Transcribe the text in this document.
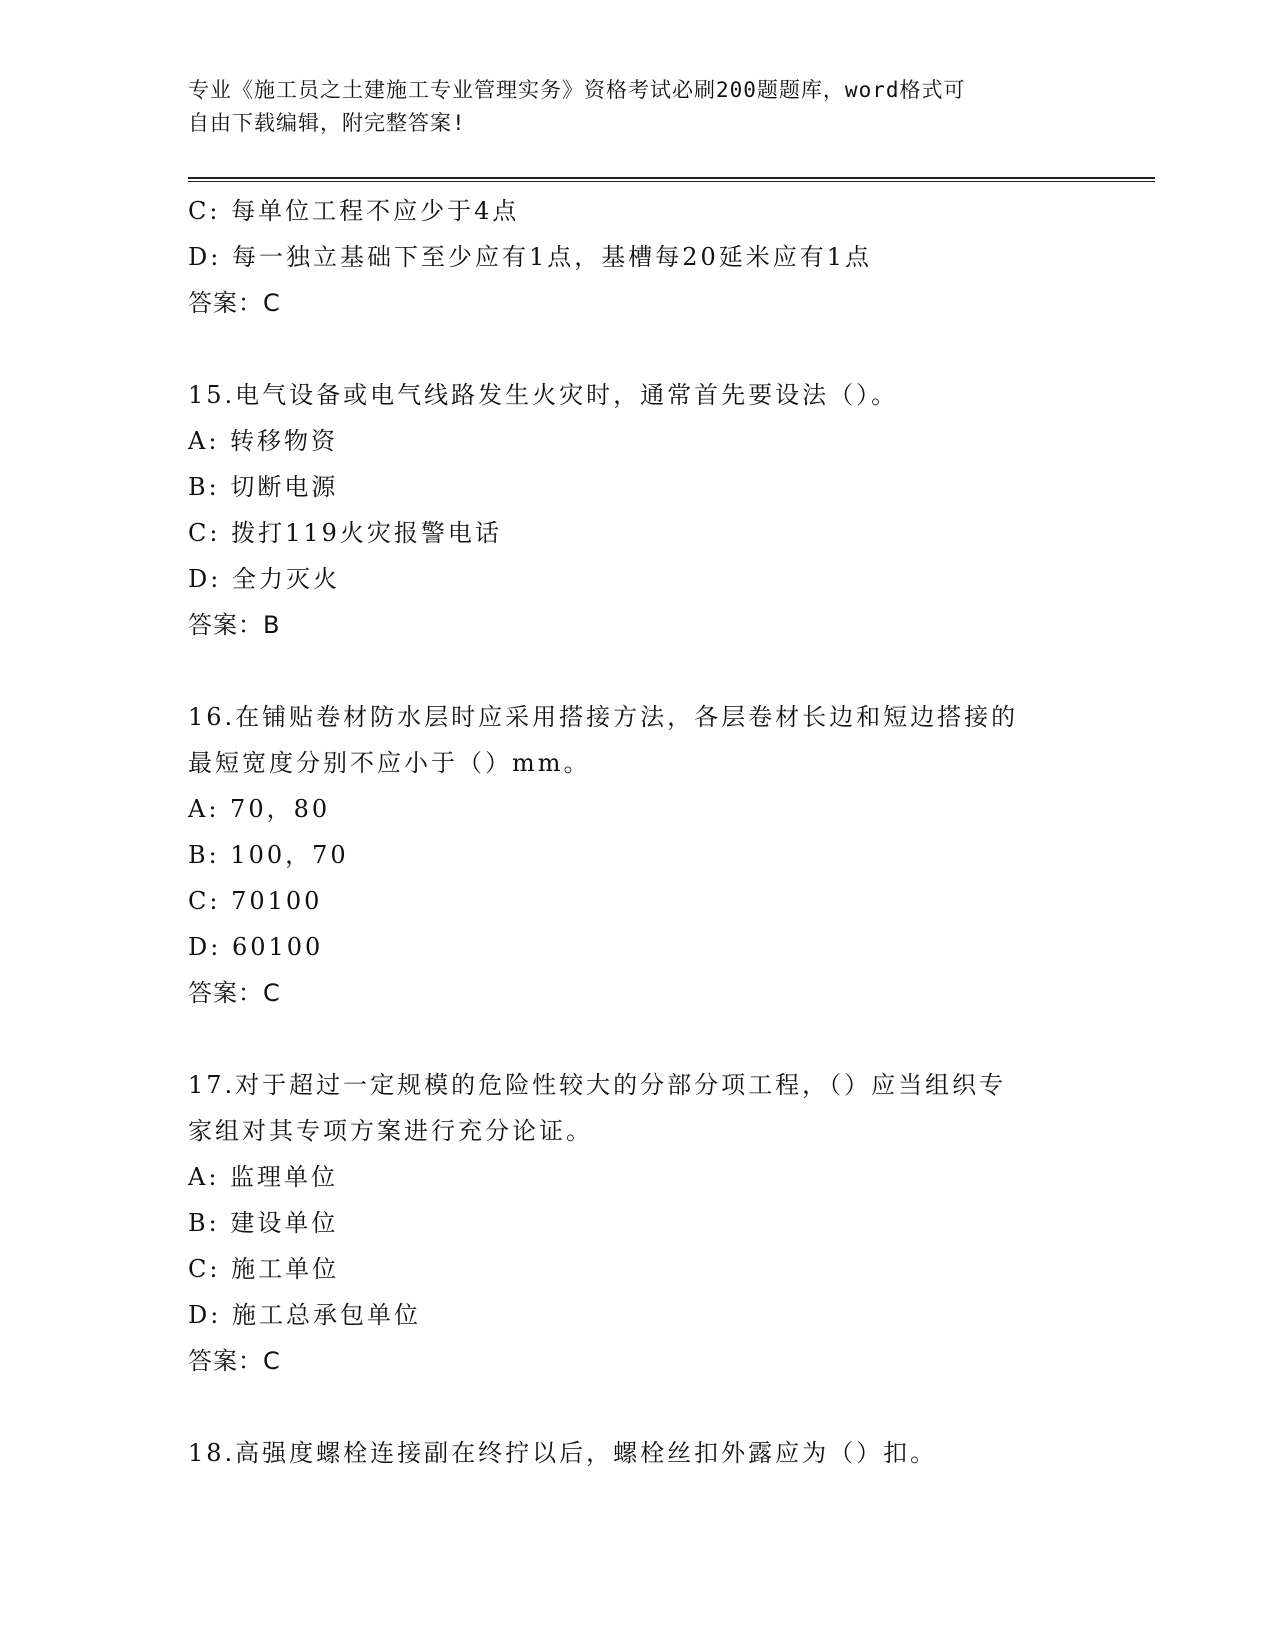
专业《施工员之土建施工专业管理实务》资格考试必刷200题题库，word格式可
自由下载编辑，附完整答案!
C: 每单位工程不应少于4点
D: 每一独立基础下至少应有1点，基槽每20延米应有1点
答案：C
15.电气设备或电气线路发生火灾时，通常首先要设法（）。
A: 转移物资
B: 切断电源
C: 拨打119火灾报警电话
D: 全力灭火
答案：B
16.在铺贴卷材防水层时应采用搭接方法，各层卷材长边和短边搭接的
最短宽度分别不应小于（）mm。
A: 70，80
B: 100，70
C: 70100
D: 60100
答案：C
17.对于超过一定规模的危险性较大的分部分项工程，（）应当组织专
家组对其专项方案进行充分论证。
A: 监理单位
B: 建设单位
C: 施工单位
D: 施工总承包单位
答案：C
18.高强度螺栓连接副在终拧以后，螺栓丝扣外露应为（）扣。
